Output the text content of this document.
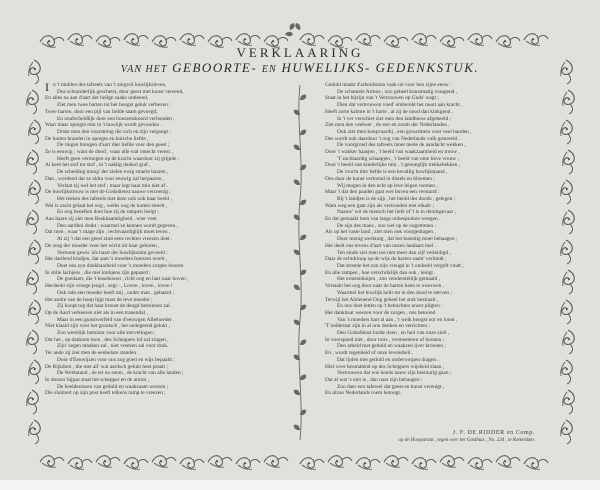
VERKLAARING
VAN HET GEBOORTE- EN HUWELIJKS- GEDENKSTUK.
I n 't midden des tafreels van 't zorgvol huwlijksleven,
Dus schranderlijk geschetst, door geest met kunst vereend,
En alles na aan d'aart der heilge zaake ontleend,
Ziet men twee harten tot het hoogst geluk verheven ;
Twee harten, door een pijl van liefde saam gevoegd,
En onafscheidlijk door een boezemskoord verbonden ,
Waar maar opregte min in 't huwlijk wordt gevonden .
Drukt men den voorstreng die zich en zijn vergoegt :
De harten branden in opregte en kuische liefde ,
De ringen brengen d'aarr dier liefde voor den geest ;
Ze is eeuwig ; want de dood , waar alle wal ontecht verest ,
Heeft geen vermogen op de kracht waardoor zij grijpde ;
Al kent het stof tot stof , in 't naklig dunkel graf ,
De scheiding moog' der zielen ewig smarte baaren ,
Dan , wordend dat ze aldra voor eeuwig zal herpaaren ,
Verlaat zij wel het stof ; maar legt haar min niet af .
De huwlijkstrouw is met de Godsdienst nauwe verceenig ;
Het teeken des tafreels met deze ook ook haar beeld ,
Wel is zacht gelaat het oog , welks oog de harten streelt ,
En oog benefien doet hoe zij de rampen leeigt :
Aan haare zij ziet men Beskhaamtigheid , wier voet
Den aardbol drukt ; waarmel ze kennen wordt gegeven ,
Dat men , waar 't mage zijn , rechtvaardiglijk moet leven ,
Al zij 't dat een geest zind eens rechten vreezen doet .
De zorg der moeder voor het wicht uit haar geboren ,
Vertoont gewis 'als haart der huwlijksmin gevoeld :
Het dartlend kindjen, dat aam 's moeders boezem woelt ,
Doet ons zyn dankbaarheid voor 's moeders zorgen hooren
In stille lachjens , die met lonbjens zijn gepaard ;
De goedaart, die 't bosehouwt , richt oog en hart naar boven ,
Herdenkt zijn vroege jeugd , zegt : , Loven , loven , loven !
Ook rakt een moeder heeft mij , onder man , gebaard ;
Het andre van de hoop lijgt mast de leve moeder ;
Zij hoopt tog dat haar kroost de deugd beminnen zal .
Op de Aard verkeeren niet als in een tranendal ,
Maar in een gunstwerfeld van d'eeuwgen Albehoeder .
Niet klaaid zijn voor het grootsch , het oedegeend gelukt ,
Zoo weenlijk beminnt voor alle stervelingen ;
Dat het , op dankzen toon , des Scheppers lof zal zingen ,
Zijn' zegen maaken zal , niet vreezen zal voor druk.
Ter ande zij ziet men de eenbelate standen .
Door d'Eenwijzen voor ons zog goed en wijs bepaald ;
De Rijkdom , die met all' wat aardsch gelukt heet praalt ;
De Werkstand , de ter en steun , de kracht van alle landen ;
In doozer hijpas staat het schepper en de armor ,
De beeldenissen van geduld en waakzaam weezen ;
Die sluimert op zijn post heeft telkens ramp te vreezen ;
Geduld maakt d'arbeidsman vaak uit voor hen zijne eeuw :
De schamele Armoe , zoo geheel kunstmatig vraagend ,
Staat in het bijzijn van 't Vertrouwen op Gods' wagt ;
Dien dat vertrouwen voed' omberekt het nooit aan kracht ,
Heeft zorte kalmte in 't harte , al zij de nood dan kinkgend .
In 't ver verschiet ziet men den landbouw afgebeeld ;
Ziet men den veeboer , de ster en zoom der Nederlanden ,
Ook ziet men koopvaardij , een gouwtmein voor veel handen ,
Des wordt ook daardoor 't oog van Nederlands volk gestreeld .
De voorgrond des tafreels moet mede de aandacht wekken ,
Door 't wakker haasjen , 't beeld van waakzaamheid en trouw ,
'T zachtaardig schaapjen , 't beeld van ome lieve vrouw ;
Door 't beeld van kinderlijke min , 't genoeglijk trekkebekken ,
De vrucht dier liefde is een bevallig huwlijkspand ,
Ons door de kunst vertoond in distels en bloemen ;
Wij mogen in den echt op leve leigen roemen ,
Maar 't dat den paaden gaat wer boven een verstand :
Bij 't landjen is de sijp , het beeld des doods , gelegen ;
Want weg een gaat zijn als vertrouden met elkaêr ;
Naauw' wit de mensch het liefe of 't is in doodsgevaar ,
En dat gemaakt hem van langs onbesproken weegen .
De sijn des mans , zoo wel op de oogemmen :
Als op het vaste land , ziet men ook voorgedragen ,
Door menig werktuig , dat het kunsttig moet behaagen ;
Het deelt ons tevens d'aart van onzen landaart mel .
Ten einde ziet men toe niet meer dan zijf verleidigd ,
Daar de echtdrinop op de wijs de harten saam' verbindt ,
Dat streede het zon zijn vreugd in 't ondeeld vergeft vindt ,
En alle rampen , hoe verschriklijk dan ook , lenigt .
Het ernstenhuijen , zoo venderstellijk gemaald ,
Vertaakt het oog door naar de harten heen te owerwen ,
Waarmel het huwlijk heilt tot in den dood te sterven ;
Terwijl het Alzienend Oog geheel het stuk bestraalt ,
En ons doet letten op 't betrachten onzer pligten :
Het dankbaar weezen voor de zorgen , ons betoond
Van 's moeders hart al aan , 't welk hoogst oor en loont ,
'T redderaar zijn in al onn denken en verrichten ;
Den Godsdienst hulde doen , en heil van onze zieli ,
In voorspoed niet , door trots , vermeeteren of hoonen ;
Den arbeid met geduld en waakzen ijver kroonen ;
En , wordt tegenheid of onze levensbeil ,
Dat lijden met geduld en onderworpen dragen .
Hier over beomalend op des Scheppers wijsheid slaan ,
Vertrouwen dat wie hoeds nauw zijn bestuurig gaan ;
Dat al wat 's niet is , dan naar zijn behaagen :
Zoo daer een tafereel dat geest en kunst verenigt ,
En alzoo Nederlands roem betoogt.
J. F. DE RIDDER en Comp.
op de Hoogstraat , tegen over het Gasthuis , No. 234 , te Rotterdam.
